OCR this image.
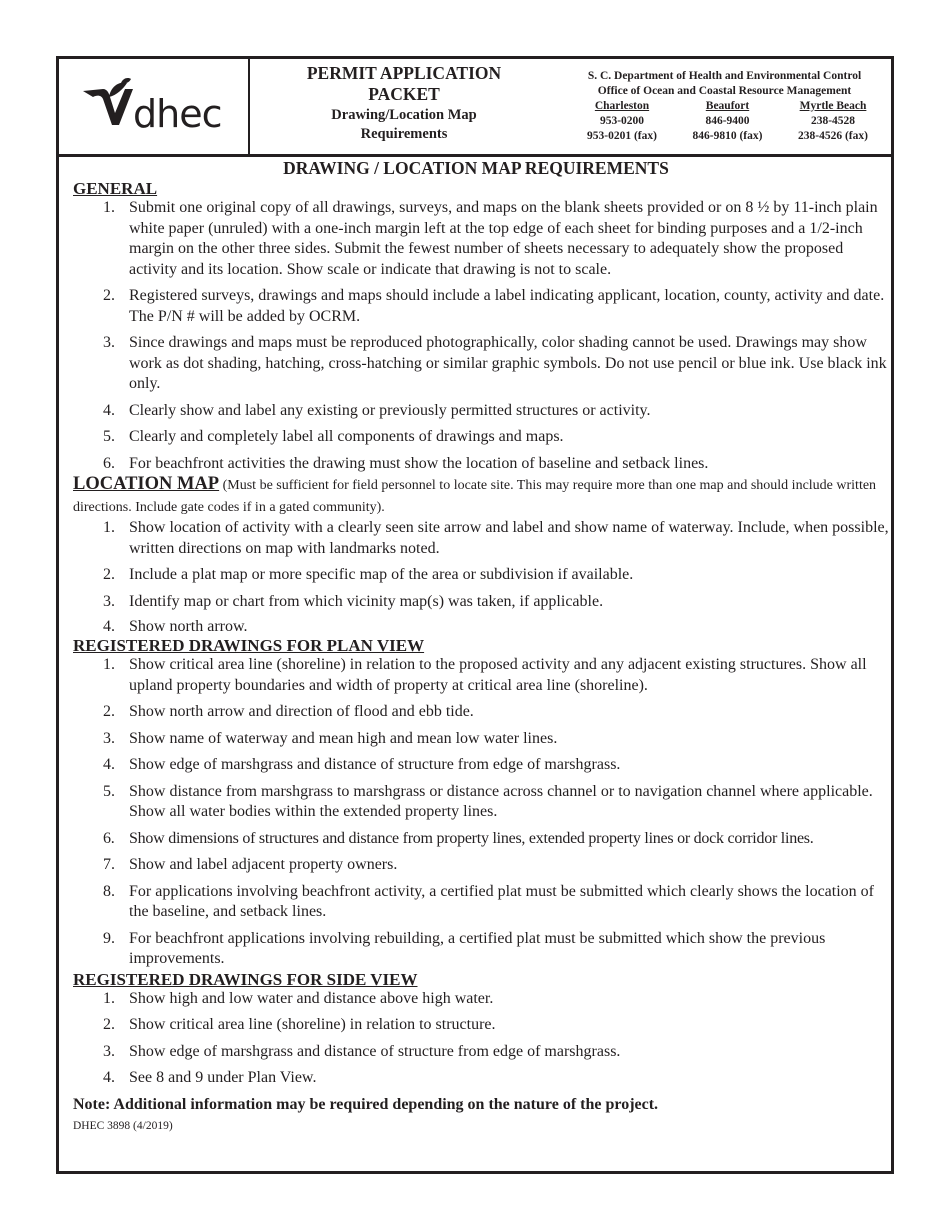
dhec
PERMIT APPLICATION
PACKET
Drawing/Location Map
Requirements
S. C. Department of Health and Environmental Control
Office of Ocean and Coastal Resource Management
Charleston
953-0200
953-0201 (fax)
Beaufort
846-9400
846-9810 (fax)
Myrtle Beach
238-4528
238-4526 (fax)
DRAWING / LOCATION MAP REQUIREMENTS
GENERAL
1. Submit one original copy of all drawings, surveys, and maps on the blank sheets provided or on 8 ½ by 11-inch plain white paper (unruled) with a one-inch margin left at the top edge of each sheet for binding purposes and a 1/2-inch margin on the other three sides. Submit the fewest number of sheets necessary to adequately show the proposed activity and its location. Show scale or indicate that drawing is not to scale.
2. Registered surveys, drawings and maps should include a label indicating applicant, location, county, activity and date. The P/N # will be added by OCRM.
3. Since drawings and maps must be reproduced photographically, color shading cannot be used. Drawings may show work as dot shading, hatching, cross-hatching or similar graphic symbols. Do not use pencil or blue ink. Use black ink only.
4. Clearly show and label any existing or previously permitted structures or activity.
5. Clearly and completely label all components of drawings and maps.
6. For beachfront activities the drawing must show the location of baseline and setback lines.
LOCATION MAP (Must be sufficient for field personnel to locate site. This may require more than one map and should include written directions. Include gate codes if in a gated community).
1. Show location of activity with a clearly seen site arrow and label and show name of waterway. Include, when possible, written directions on map with landmarks noted.
2. Include a plat map or more specific map of the area or subdivision if available.
3. Identify map or chart from which vicinity map(s) was taken, if applicable.
4. Show north arrow.
REGISTERED DRAWINGS FOR PLAN VIEW
1. Show critical area line (shoreline) in relation to the proposed activity and any adjacent existing structures. Show all upland property boundaries and width of property at critical area line (shoreline).
2. Show north arrow and direction of flood and ebb tide.
3. Show name of waterway and mean high and mean low water lines.
4. Show edge of marshgrass and distance of structure from edge of marshgrass.
5. Show distance from marshgrass to marshgrass or distance across channel or to navigation channel where applicable. Show all water bodies within the extended property lines.
6. Show dimensions of structures and distance from property lines, extended property lines or dock corridor lines.
7. Show and label adjacent property owners.
8. For applications involving beachfront activity, a certified plat must be submitted which clearly shows the location of the baseline, and setback lines.
9. For beachfront applications involving rebuilding, a certified plat must be submitted which show the previous improvements.
REGISTERED DRAWINGS FOR SIDE VIEW
1. Show high and low water and distance above high water.
2. Show critical area line (shoreline) in relation to structure.
3. Show edge of marshgrass and distance of structure from edge of marshgrass.
4. See 8 and 9 under Plan View.
Note: Additional information may be required depending on the nature of the project.
DHEC 3898 (4/2019)
